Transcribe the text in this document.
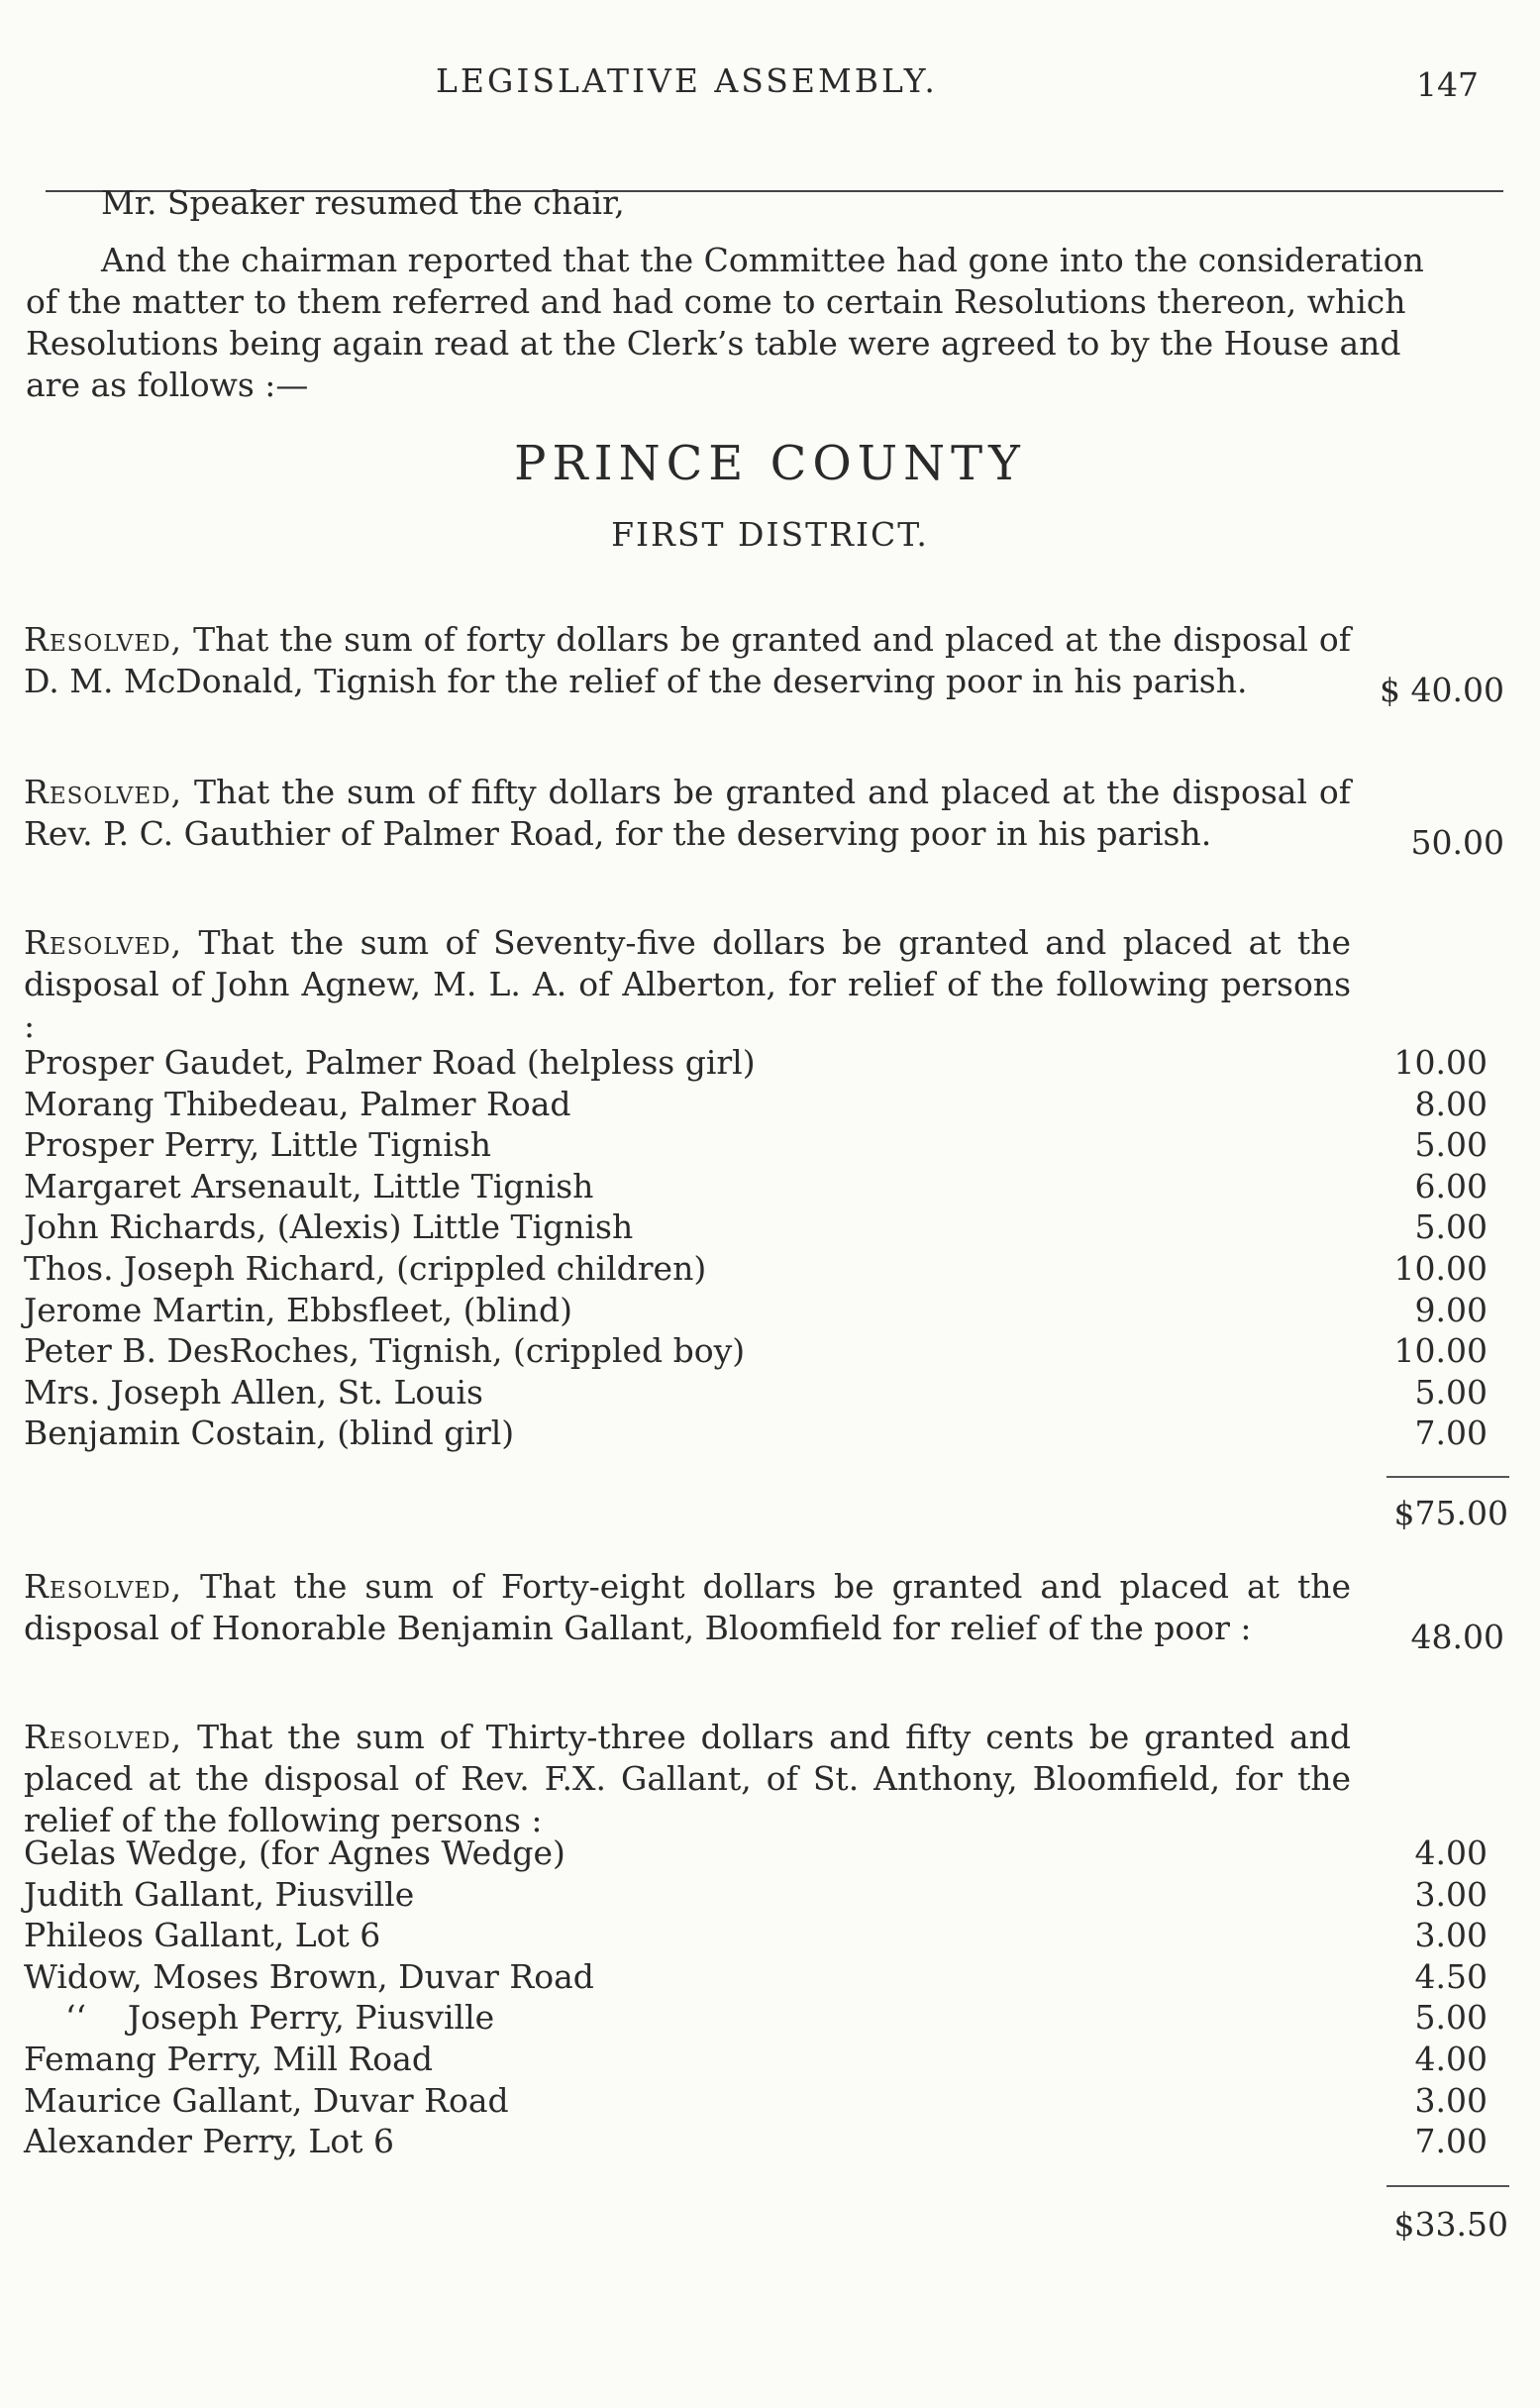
LEGISLATIVE ASSEMBLY.	147
Mr. Speaker resumed the chair,
And the chairman reported that the Committee had gone into the consideration
of the matter to them referred and had come to certain Resolutions thereon, which
Resolutions being again read at the Clerk’s table were agreed to by the House and
are as follows :—
PRINCE COUNTY
FIRST DISTRICT.

Resolved, That the sum of forty dollars be granted and placed at the disposal of D. M. McDonald, Tignish for the relief of the deserving poor in his parish.	$ 40.00

Resolved, That the sum of fifty dollars be granted and placed at the disposal of Rev. P. C. Gauthier of Palmer Road, for the deserving poor in his parish.	50.00

Resolved, That the sum of Seventy-five dollars be granted and placed at the disposal of John Agnew, M. L. A. of Alberton, for relief of the following persons :

Prosper Gaudet, Palmer Road (helpless girl)	10.00
Morang Thibedeau, Palmer Road	8.00
Prosper Perry, Little Tignish	5.00
Margaret Arsenault, Little Tignish	6.00
John Richards, (Alexis) Little Tignish	5.00
Thos. Joseph Richard, (crippled children)	10.00
Jerome Martin, Ebbsfleet, (blind)	9.00
Peter B. DesRoches, Tignish, (crippled boy)	10.00
Mrs. Joseph Allen, St. Louis	5.00
Benjamin Costain, (blind girl)	7.00
$75.00

Resolved, That the sum of Forty-eight dollars be granted and placed at the disposal of Honorable Benjamin Gallant, Bloomfield for relief of the poor :	48.00

Resolved, That the sum of Thirty-three dollars and fifty cents be granted and placed at the disposal of Rev. F.X. Gallant, of St. Anthony, Bloomfield, for the relief of the following persons :

Gelas Wedge, (for Agnes Wedge)	4.00
Judith Gallant, Piusville	3.00
Phileos Gallant, Lot 6	3.00
Widow, Moses Brown, Duvar Road	4.50
‘‘    Joseph Perry, Piusville	5.00
Femang Perry, Mill Road	4.00
Maurice Gallant, Duvar Road	3.00
Alexander Perry, Lot 6	7.00
$33.50
